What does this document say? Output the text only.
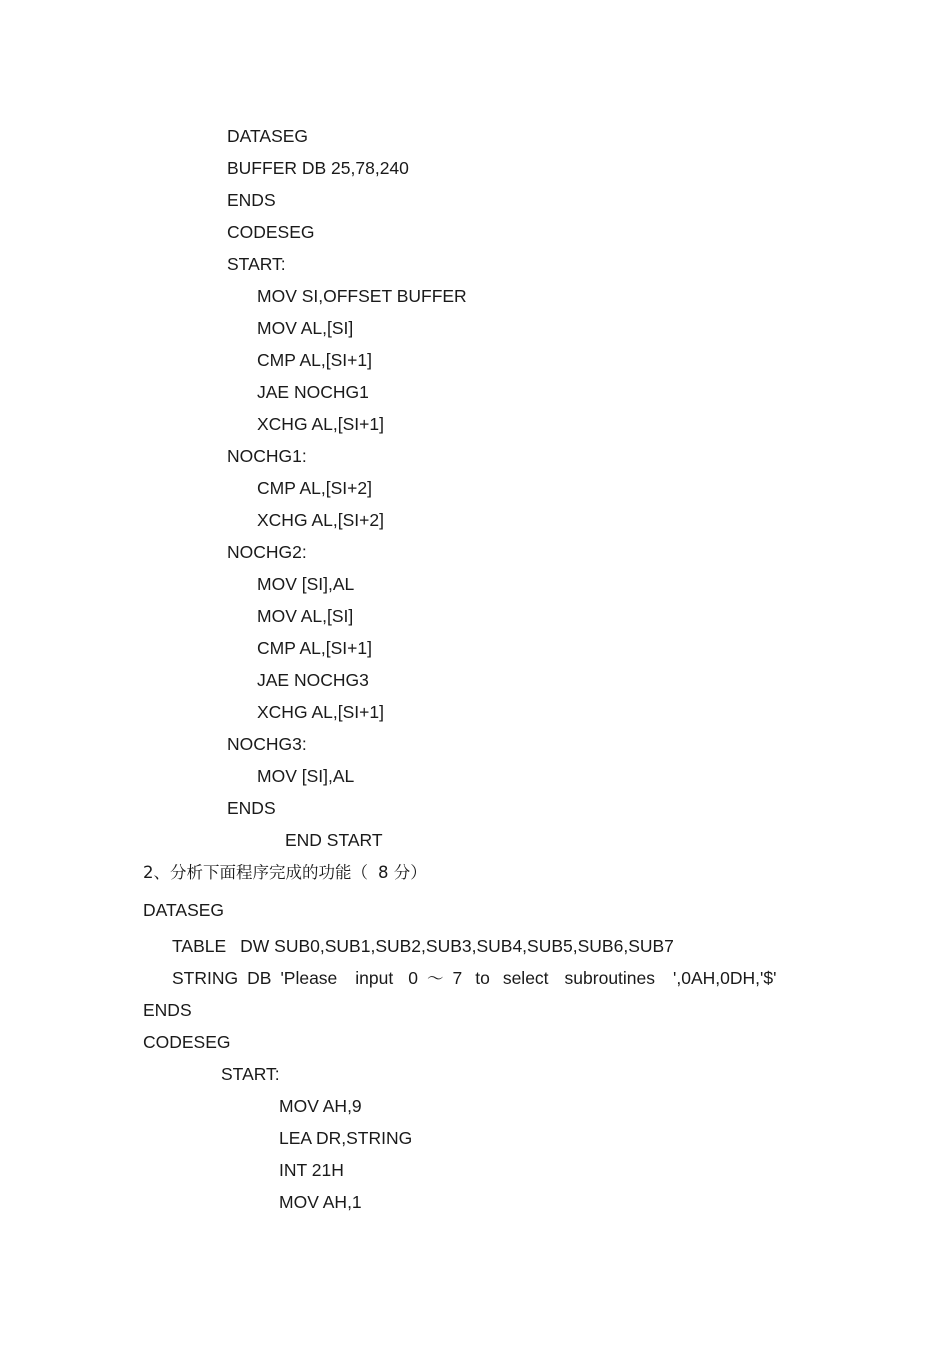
DATASEG

BUFFER DB 25,78,240

ENDS

CODESEG

START:

MOV SI,OFFSET BUFFER

MOV AL,[SI]

CMP AL,[SI+1]

JAE NOCHG1

XCHG AL,[SI+1]

NOCHG1:

CMP AL,[SI+2]

XCHG AL,[SI+2]

NOCHG2:

MOV [SI],AL

MOV AL,[SI]

CMP AL,[SI+1]

JAE NOCHG3

XCHG AL,[SI+1]

NOCHG3:

MOV [SI],AL

ENDS

END START

2、分析下面程序完成的功能（ 8 分）

DATASEG

TABLE DW SUB0,SUB1,SUB2,SUB3,SUB4,SUB5,SUB6,SUB7

STRING DB 'Please input 0 ～ 7 to select subroutines ',0AH,0DH,'$'

ENDS

CODESEG

START:

MOV AH,9

LEA DR,STRING

INT 21H

MOV AH,1
